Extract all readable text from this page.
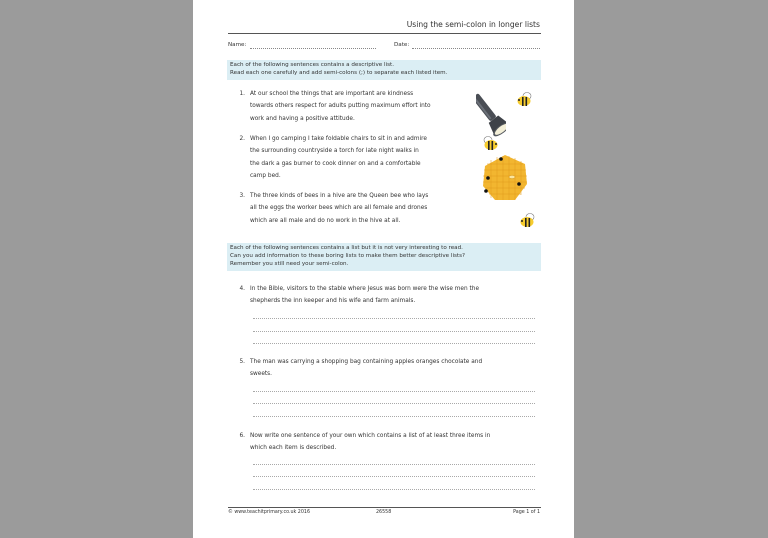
Using the semi-colon in longer lists
Name:	Date:
Each of the following sentences contains a descriptive list.
Read each one carefully and add semi-colons (;) to separate each listed item.
1. At our school the things that are important are kindness
towards others respect for adults putting maximum effort into
work and having a positive attitude.
2. When I go camping I take foldable chairs to sit in and admire
the surrounding countryside a torch for late night walks in
the dark a gas burner to cook dinner on and a comfortable
camp bed.
3. The three kinds of bees in a hive are the Queen bee who lays
all the eggs the worker bees which are all female and drones
which are all male and do no work in the hive at all.
Each of the following sentences contains a list but it is not very interesting to read.
Can you add information to these boring lists to make them better descriptive lists?
Remember you still need your semi-colon.
4. In the Bible, visitors to the stable where Jesus was born were the wise men the
shepherds the inn keeper and his wife and farm animals.
5. The man was carrying a shopping bag containing apples oranges chocolate and
sweets.
6. Now write one sentence of your own which contains a list of at least three items in
which each item is described.
© www.teachitprimary.co.uk 2016	26558	Page 1 of 1
